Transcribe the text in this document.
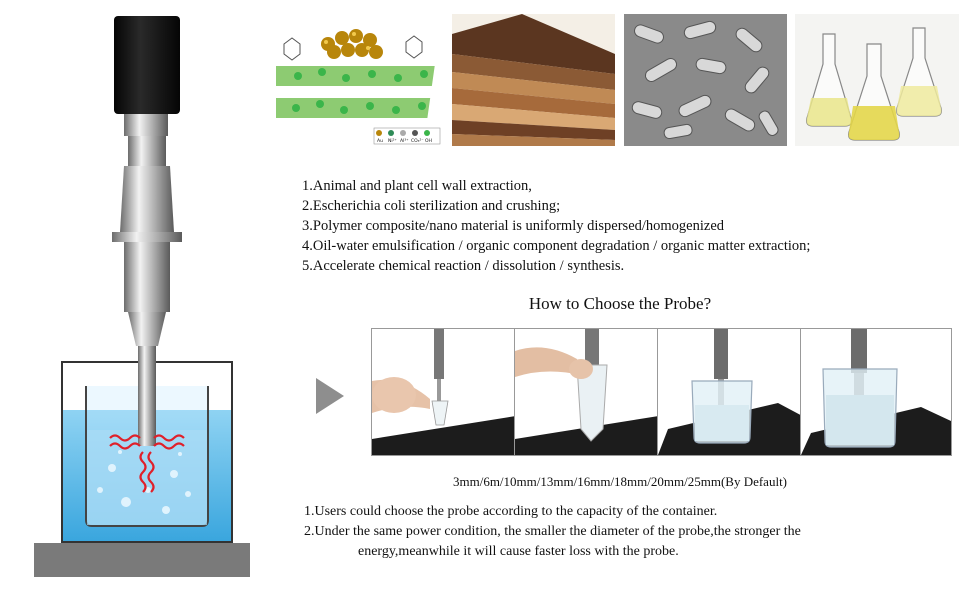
Au Ni²⁺ Al³⁺ CO₃²⁻ OH
1.Animal and plant cell wall extraction,
2.Escherichia coli sterilization and crushing;
3.Polymer composite/nano material is uniformly dispersed/homogenized
4.Oil-water emulsification / organic component degradation / organic matter extraction;
5.Accelerate chemical reaction / dissolution / synthesis.
How to Choose the Probe?
3mm/6m/10mm/13mm/16mm/18mm/20mm/25mm(By Default)
1.Users could choose the probe according to the capacity of the container.
2.Under the same power condition, the smaller the diameter of the probe,the stronger the
energy,meanwhile it will cause faster loss with the probe.
